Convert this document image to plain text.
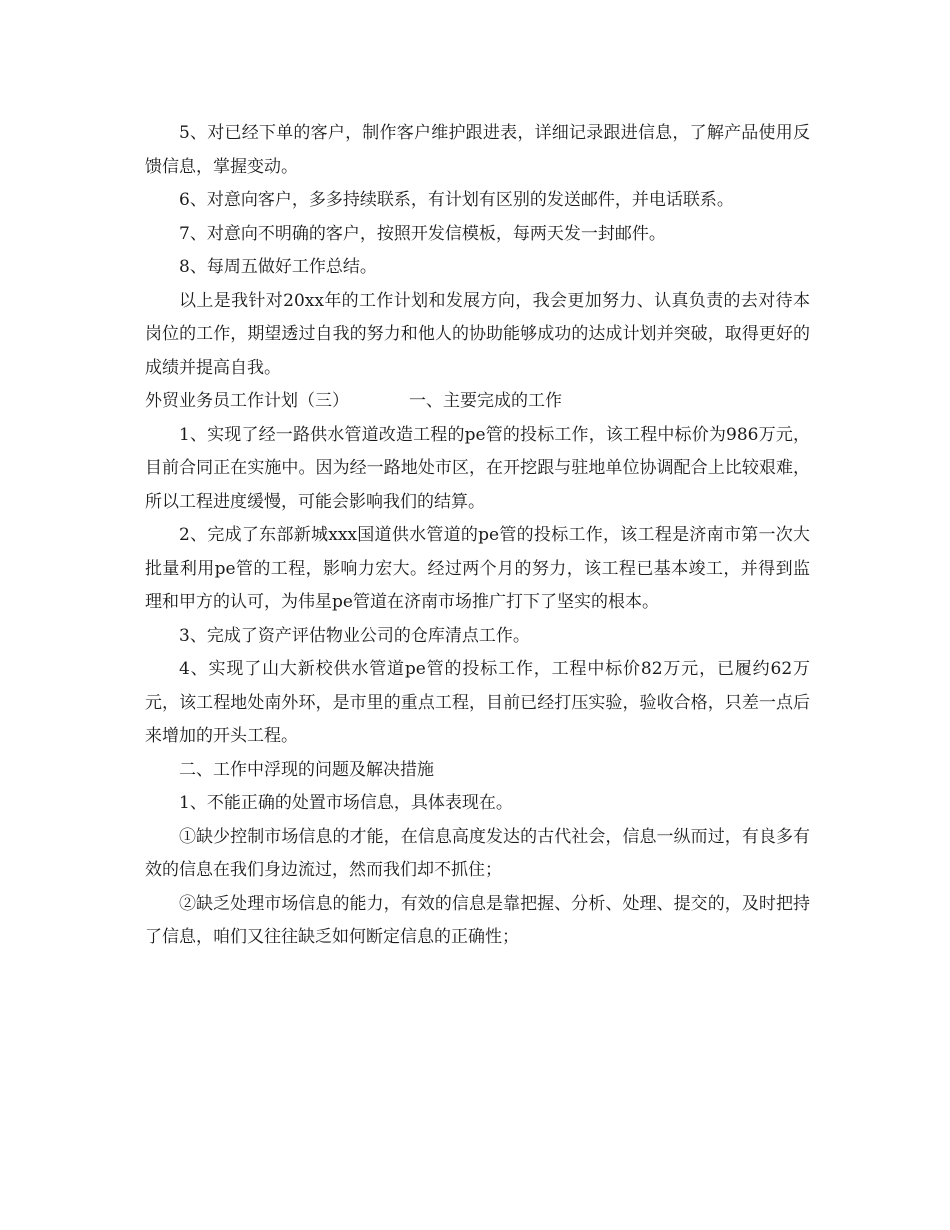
5、对已经下单的客户，制作客户维护跟进表，详细记录跟进信息，了解产品使用反馈信息，掌握变动。

6、对意向客户，多多持续联系，有计划有区别的发送邮件，并电话联系。

7、对意向不明确的客户，按照开发信模板，每两天发一封邮件。

8、每周五做好工作总结。

以上是我针对20xx年的工作计划和发展方向，我会更加努力、认真负责的去对待本岗位的工作，期望透过自我的努力和他人的协助能够成功的达成计划并突破，取得更好的成绩并提高自我。

外贸业务员工作计划（三）	一、主要完成的工作

1、实现了经一路供水管道改造工程的pe管的投标工作，该工程中标价为986万元，目前合同正在实施中。因为经一路地处市区，在开挖跟与驻地单位协调配合上比较艰难，所以工程进度缓慢，可能会影响我们的结算。

2、完成了东部新城xxx国道供水管道的pe管的投标工作，该工程是济南市第一次大批量利用pe管的工程，影响力宏大。经过两个月的努力，该工程已基本竣工，并得到监理和甲方的认可，为伟星pe管道在济南市场推广打下了坚实的根本。

3、完成了资产评估物业公司的仓库清点工作。

4、实现了山大新校供水管道pe管的投标工作，工程中标价82万元，已履约62万元，该工程地处南外环，是市里的重点工程，目前已经打压实验，验收合格，只差一点后来增加的开头工程。

二、工作中浮现的问题及解决措施

1、不能正确的处置市场信息，具体表现在。

①缺少控制市场信息的才能，在信息高度发达的古代社会，信息一纵而过，有良多有效的信息在我们身边流过，然而我们却不抓住；

②缺乏处理市场信息的能力，有效的信息是靠把握、分析、处理、提交的，及时把持了信息，咱们又往往缺乏如何断定信息的正确性；
